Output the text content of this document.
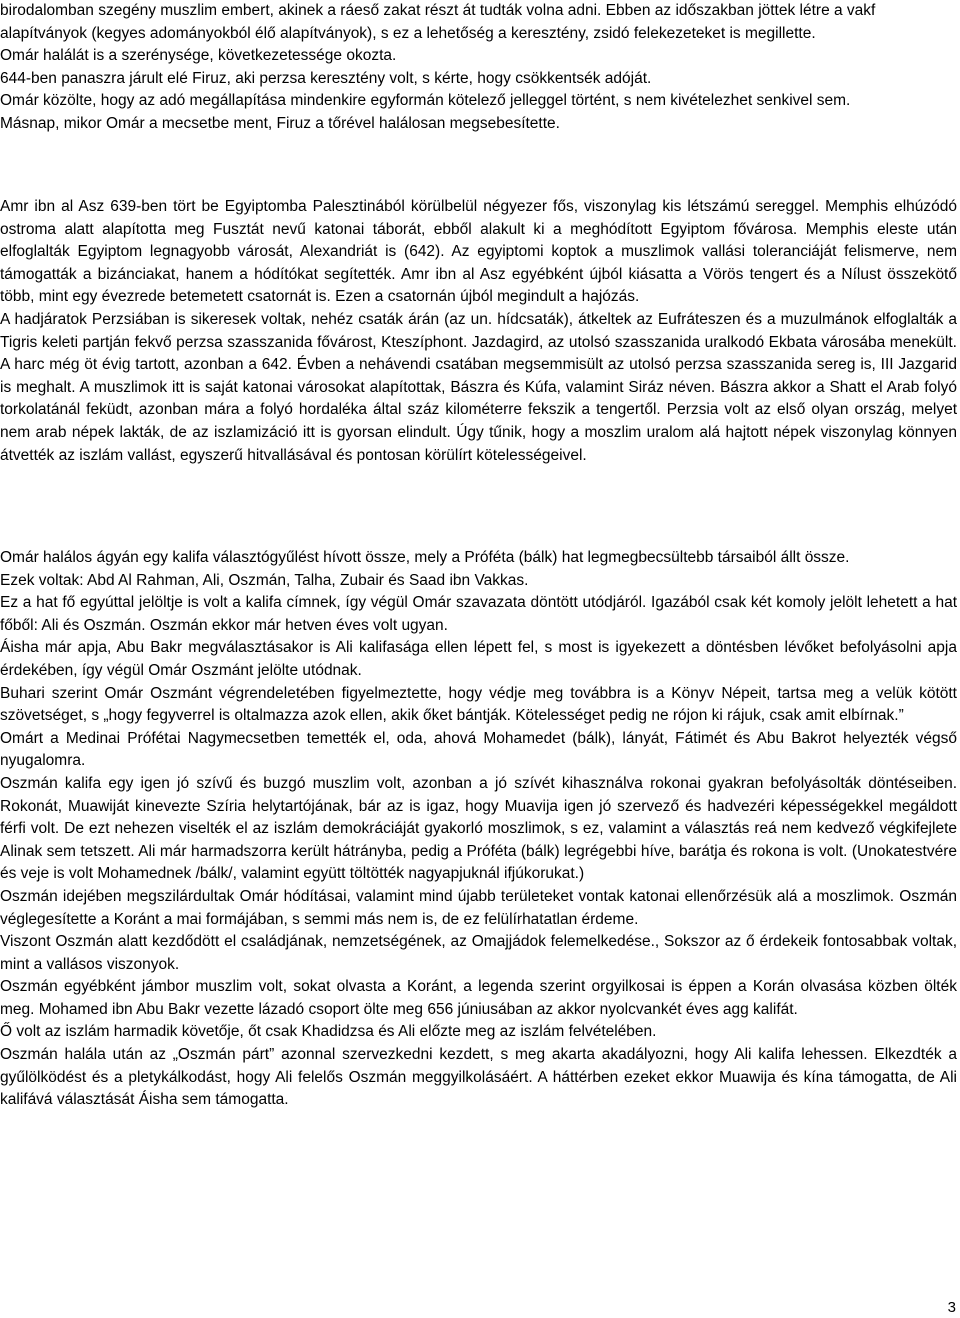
birodalomban szegény muszlim embert, akinek a ráeső zakat részt át tudták volna adni. Ebben az időszakban jöttek létre a vakf alapítványok (kegyes adományokból élő alapítványok), s ez a lehetőség a keresztény, zsidó felekezeteket is megillette.

Omár halálát is a szerénysége, következetessége okozta.

644-ben panaszra járult elé Firuz, aki perzsa keresztény volt, s kérte, hogy csökkentsék adóját.

Omár közölte, hogy az adó megállapítása mindenkire egyformán kötelező jelleggel történt, s nem kivételezhet senkivel sem.

Másnap, mikor Omár a mecsetbe ment, Firuz a tőrével halálosan megsebesítette.

Amr ibn al Asz 639-ben tört be Egyiptomba Palesztinából körülbelül négyezer fős, viszonylag kis létszámú sereggel. Memphis elhúzódó ostroma alatt alapította meg Fusztát nevű katonai táborát, ebből alakult ki a meghódított Egyiptom fővárosa. Memphis eleste után elfoglalták Egyiptom legnagyobb városát, Alexandriát is (642). Az egyiptomi koptok a muszlimok vallási toleranciáját felismerve, nem támogatták a bizánciakat, hanem a hódítókat segítették. Amr ibn al Asz egyébként újból kiásatta a Vörös tengert és a Nílust összekötő több, mint egy évezrede betemetett csatornát is. Ezen a csatornán újból megindult a hajózás.

A hadjáratok Perzsiában is sikeresek voltak, nehéz csaták árán (az un. hídcsaták), átkeltek az Eufráteszen és a muzulmánok elfoglalták a Tigris keleti partján fekvő perzsa szasszanida fővárost, Kteszíphont. Jazdagird, az utolsó szasszanida uralkodó Ekbata városába menekült. A harc még öt évig tartott, azonban a 642. Évben a nehávendi csatában megsemmisült az utolsó perzsa szasszanida sereg is, III Jazgarid is meghalt. A muszlimok itt is saját katonai városokat alapítottak, Bászra és Kúfa, valamint Siráz néven. Bászra akkor a Shatt el Arab folyó torkolatánál feküdt, azonban mára a folyó hordaléka által száz kilométerre fekszik a tengertől. Perzsia volt az első olyan ország, melyet nem arab népek lakták, de az iszlamizáció itt is gyorsan elindult. Úgy tűnik, hogy a moszlim uralom alá hajtott népek viszonylag könnyen átvették az iszlám vallást, egyszerű hitvallásával és pontosan körülírt kötelességeivel.

Omár halálos ágyán egy kalifa választógyűlést hívott össze, mely a Próféta (bálk) hat legmegbecsültebb társaiból állt össze.

Ezek voltak: Abd Al Rahman, Ali, Oszmán, Talha, Zubair és Saad ibn Vakkas.

Ez a hat fő egyúttal jelöltje is volt a kalifa címnek, így végül Omár szavazata döntött utódjáról. Igazából csak két komoly jelölt lehetett a hat főből: Ali és Oszmán. Oszmán ekkor már hetven éves volt ugyan.

Áisha már apja, Abu Bakr megválasztásakor is Ali kalifasága ellen lépett fel, s most is igyekezett a döntésben lévőket befolyásolni apja érdekében, így végül Omár Oszmánt jelölte utódnak.

Buhari szerint Omár Oszmánt végrendeletében figyelmeztette, hogy védje meg továbbra is a Könyv Népeit, tartsa meg a velük kötött szövetséget, s „hogy fegyverrel is oltalmazza azok ellen, akik őket bántják. Kötelességet pedig ne rójon ki rájuk, csak amit elbírnak.”

Omárt a Medinai Prófétai Nagymecsetben temették el, oda, ahová Mohamedet (bálk), lányát, Fátimét és Abu Bakrot helyezték végső nyugalomra.

Oszmán kalifa egy igen jó szívű és buzgó muszlim volt, azonban a jó szívét kihasználva rokonai gyakran befolyásolták döntéseiben. Rokonát, Muawiját kinevezte Szíria helytartójának, bár az is igaz, hogy Muavija igen jó szervező és hadvezéri képességekkel megáldott férfi volt. De ezt nehezen viselték el az iszlám demokráciáját gyakorló moszlimok, s ez, valamint a választás reá nem kedvező végkifejlete Alinak sem tetszett. Ali már harmadszorra került hátrányba, pedig a Próféta (bálk) legrégebbi híve, barátja és rokona is volt. (Unokatestvére és veje is volt Mohamednek /bálk/, valamint együtt töltötték nagyapjuknál ifjúkorukat.)

Oszmán idejében megszilárdultak Omár hódításai, valamint mind újabb területeket vontak katonai ellenőrzésük alá a moszlimok. Oszmán véglegesítette a Koránt a mai formájában, s semmi más nem is, de ez felülírhatatlan érdeme.

Viszont Oszmán alatt kezdődött el családjának, nemzetségének, az Omajjádok felemelkedése., Sokszor az ő érdekeik fontosabbak voltak, mint a vallásos viszonyok.

Oszmán egyébként jámbor muszlim volt, sokat olvasta a Koránt, a legenda szerint orgyilkosai is éppen a Korán olvasása közben ölték meg. Mohamed ibn Abu Bakr vezette lázadó csoport ölte meg 656 júniusában az akkor nyolcvankét éves agg kalifát.

Ő volt az iszlám harmadik követője, őt csak Khadidzsa és Ali előzte meg az iszlám felvételében.

Oszmán halála után az „Oszmán párt” azonnal szervezkedni kezdett, s meg akarta akadályozni, hogy Ali kalifa lehessen. Elkezdték a gyűlölködést és a pletykálkodást, hogy Ali felelős Oszmán meggyilkolásáért. A háttérben ezeket ekkor Muawija és kína támogatta, de Ali kalifává választását Áisha sem támogatta.

3
